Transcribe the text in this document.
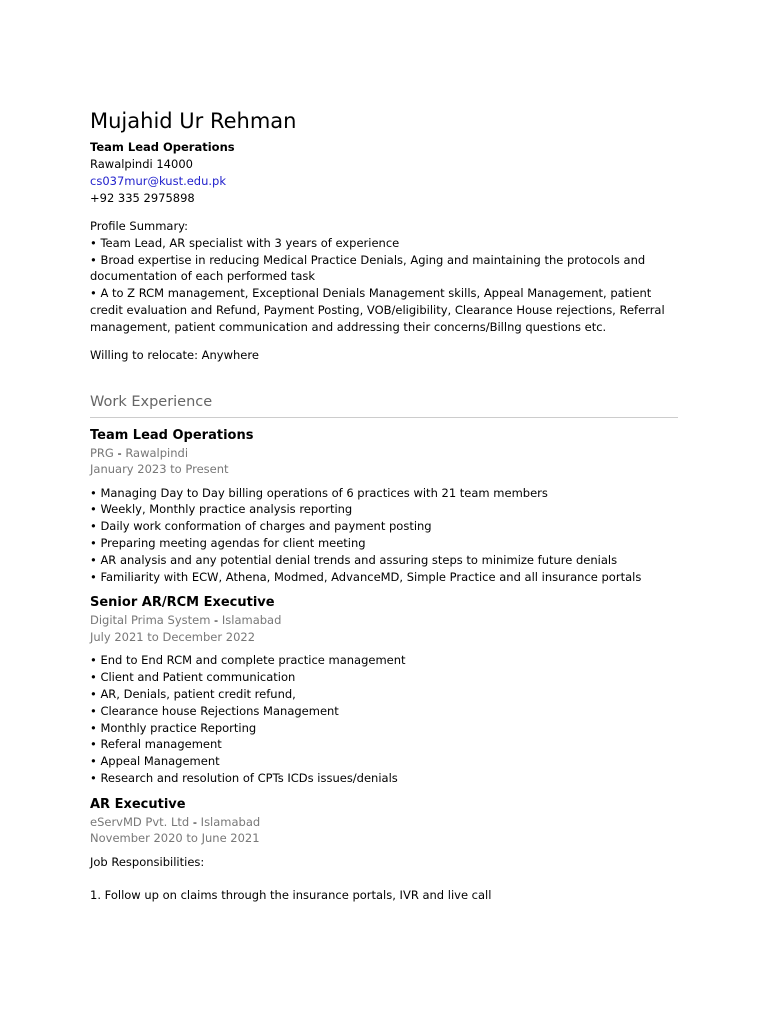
Mujahid Ur Rehman
Team Lead Operations
Rawalpindi 14000
cs037mur@kust.edu.pk
+92 335 2975898
Profile Summary:
• Team Lead, AR specialist with 3 years of experience
• Broad expertise in reducing Medical Practice Denials, Aging and maintaining the protocols and documentation of each performed task
• A to Z RCM management, Exceptional Denials Management skills, Appeal Management, patient credit evaluation and Refund, Payment Posting, VOB/eligibility, Clearance House rejections, Referral management, patient communication and addressing their concerns/Billng questions etc.
Willing to relocate: Anywhere
Work Experience
Team Lead Operations
PRG - Rawalpindi
January 2023 to Present
• Managing Day to Day billing operations of 6 practices with 21 team members
• Weekly, Monthly practice analysis reporting
• Daily work conformation of charges and payment posting
• Preparing meeting agendas for client meeting
• AR analysis and any potential denial trends and assuring steps to minimize future denials
• Familiarity with ECW, Athena, Modmed, AdvanceMD, Simple Practice and all insurance portals
Senior AR/RCM Executive
Digital Prima System - Islamabad
July 2021 to December 2022
• End to End RCM and complete practice management
• Client and Patient communication
• AR, Denials, patient credit refund,
• Clearance house Rejections Management
• Monthly practice Reporting
• Referal management
• Appeal Management
• Research and resolution of CPTs ICDs issues/denials
AR Executive
eServMD Pvt. Ltd - Islamabad
November 2020 to June 2021
Job Responsibilities:
1. Follow up on claims through the insurance portals, IVR and live call
